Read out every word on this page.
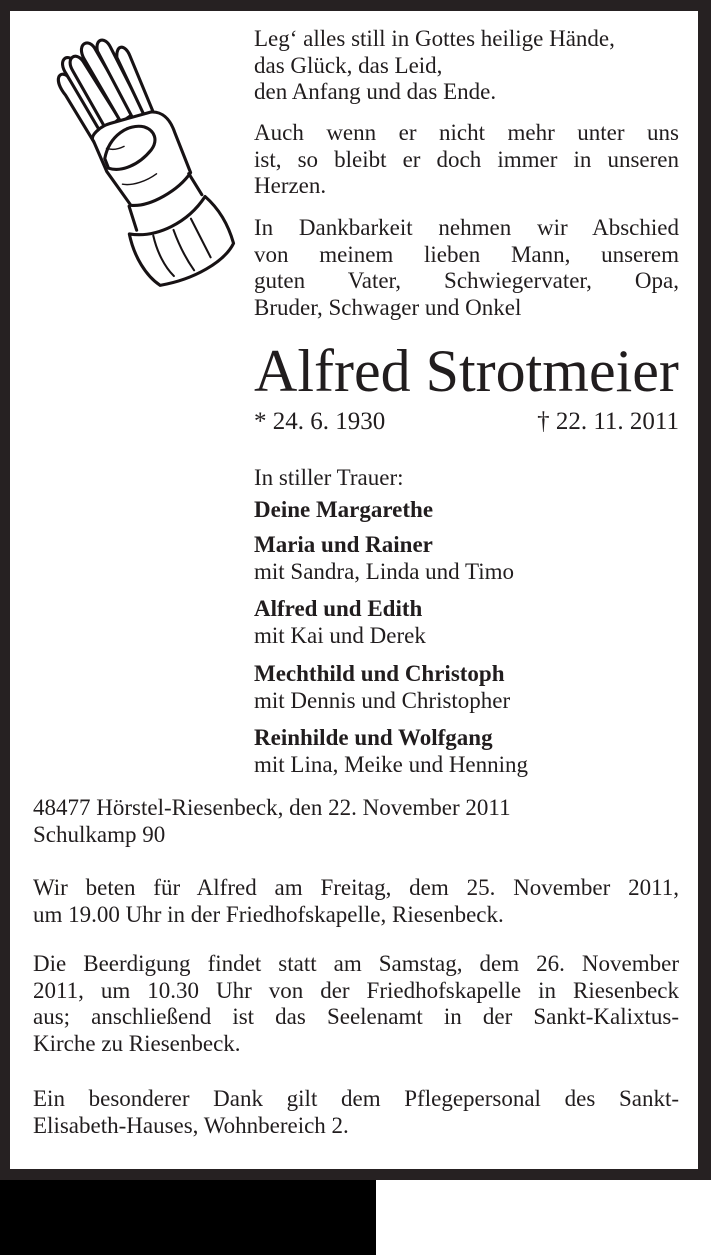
Leg‘ alles still in Gottes heilige Hände,
das Glück, das Leid,
den Anfang und das Ende.
Auch wenn er nicht mehr unter uns
ist, so bleibt er doch immer in unseren
Herzen.
In Dankbarkeit nehmen wir Abschied
von meinem lieben Mann, unserem
guten Vater, Schwiegervater, Opa,
Bruder, Schwager und Onkel
Alfred Strotmeier
* 24. 6. 1930	† 22. 11. 2011
In stiller Trauer:
Deine Margarethe
Maria und Rainer
mit Sandra, Linda und Timo
Alfred und Edith
mit Kai und Derek
Mechthild und Christoph
mit Dennis und Christopher
Reinhilde und Wolfgang
mit Lina, Meike und Henning
48477 Hörstel-Riesenbeck, den 22. November 2011
Schulkamp 90
Wir beten für Alfred am Freitag, dem 25. November 2011,
um 19.00 Uhr in der Friedhofskapelle, Riesenbeck.
Die Beerdigung findet statt am Samstag, dem 26. November
2011, um 10.30 Uhr von der Friedhofskapelle in Riesenbeck
aus; anschließend ist das Seelenamt in der Sankt-Kalixtus-
Kirche zu Riesenbeck.
Ein besonderer Dank gilt dem Pflegepersonal des Sankt-
Elisabeth-Hauses, Wohnbereich 2.
